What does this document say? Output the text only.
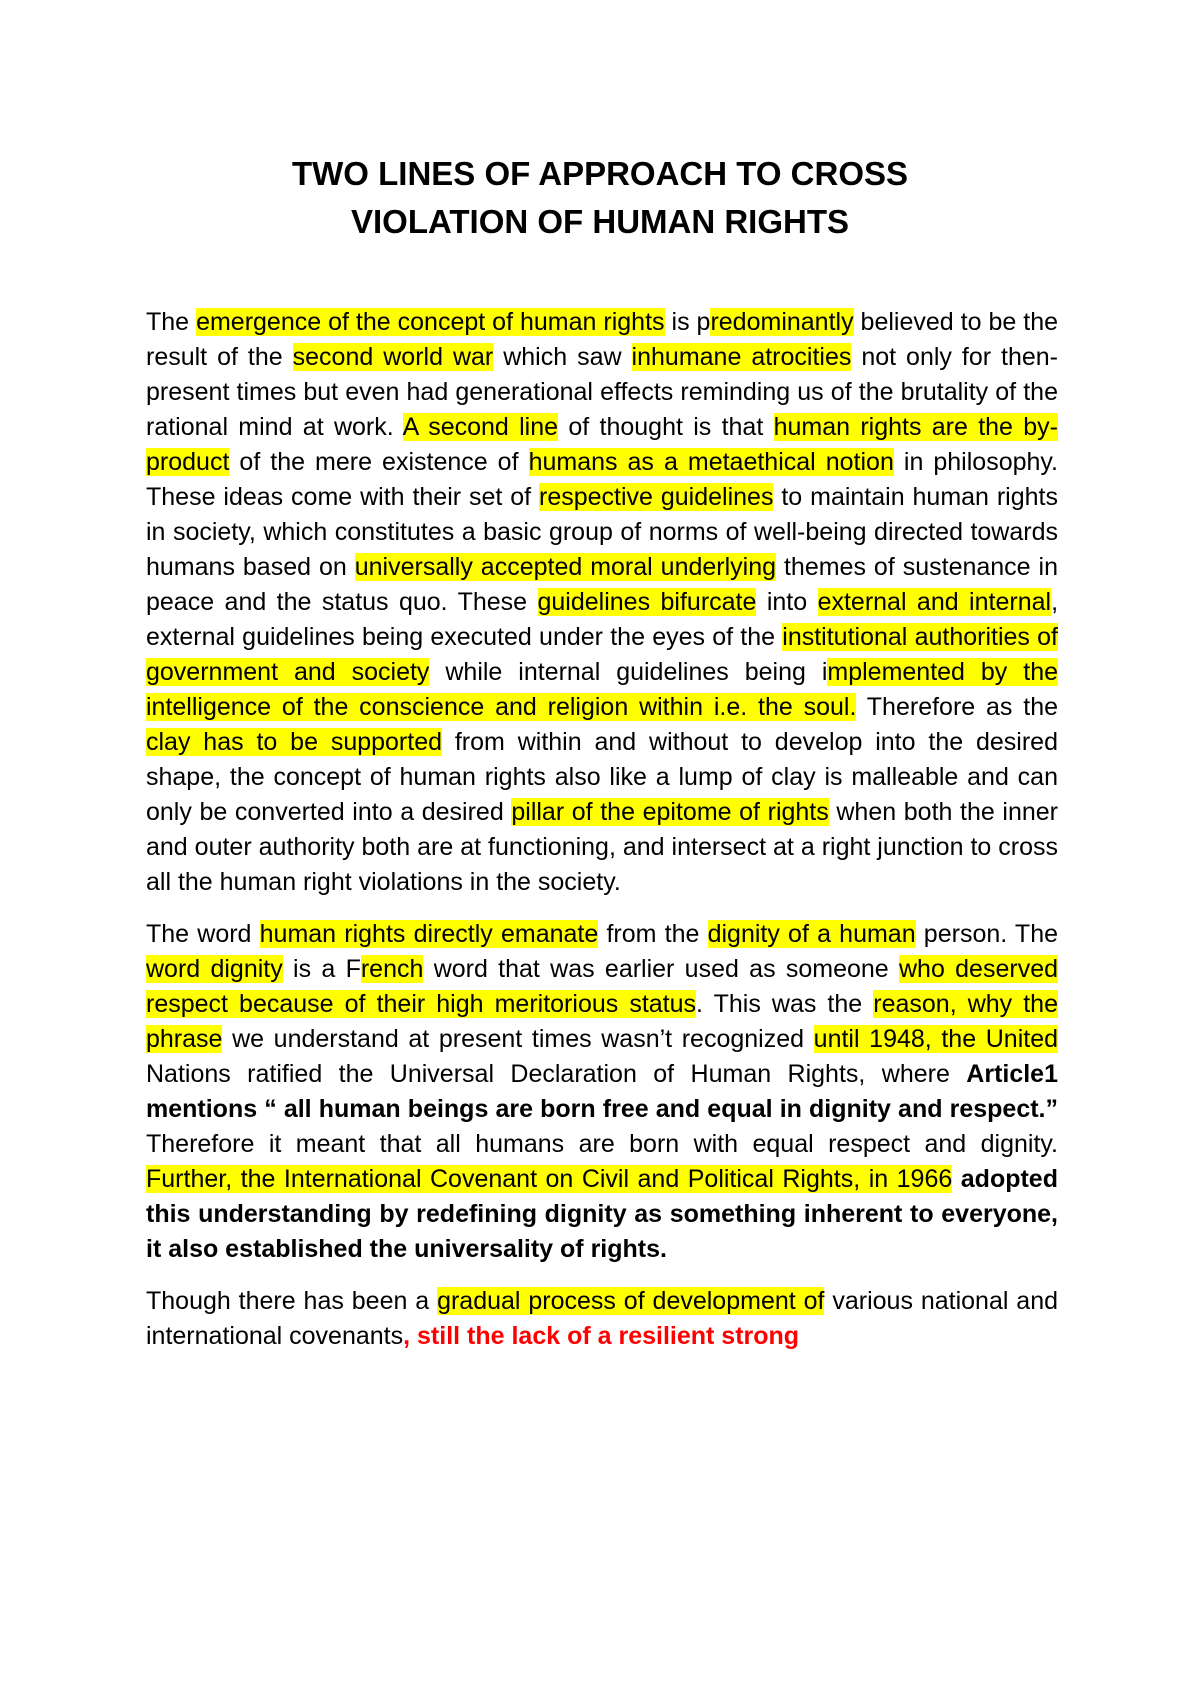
TWO LINES OF APPROACH TO CROSS
VIOLATION OF HUMAN RIGHTS

The emergence of the concept of human rights is predominantly believed to be the result of the second world war which saw inhumane atrocities not only for then-present times but even had generational effects reminding us of the brutality of the rational mind at work. A second line of thought is that human rights are the by-product of the mere existence of humans as a metaethical notion in philosophy. These ideas come with their set of respective guidelines to maintain human rights in society, which constitutes a basic group of norms of well-being directed towards humans based on universally accepted moral underlying themes of sustenance in peace and the status quo. These guidelines bifurcate into external and internal, external guidelines being executed under the eyes of the institutional authorities of government and society while internal guidelines being implemented by the intelligence of the conscience and religion within i.e. the soul. Therefore as the clay has to be supported from within and without to develop into the desired shape, the concept of human rights also like a lump of clay is malleable and can only be converted into a desired pillar of the epitome of rights when both the inner and outer authority both are at functioning, and intersect at a right junction to cross all the human right violations in the society.

The word human rights directly emanate from the dignity of a human person. The word dignity is a French word that was earlier used as someone who deserved respect because of their high meritorious status. This was the reason, why the phrase we understand at present times wasn’t recognized until 1948, the United Nations ratified the Universal Declaration of Human Rights, where Article1 mentions “ all human beings are born free and equal in dignity and respect.” Therefore it meant that all humans are born with equal respect and dignity. Further, the International Covenant on Civil and Political Rights, in 1966 adopted this understanding by redefining dignity as something inherent to everyone, it also established the universality of rights.

Though there has been a gradual process of development of various national and international covenants, still the lack of a resilient strong
